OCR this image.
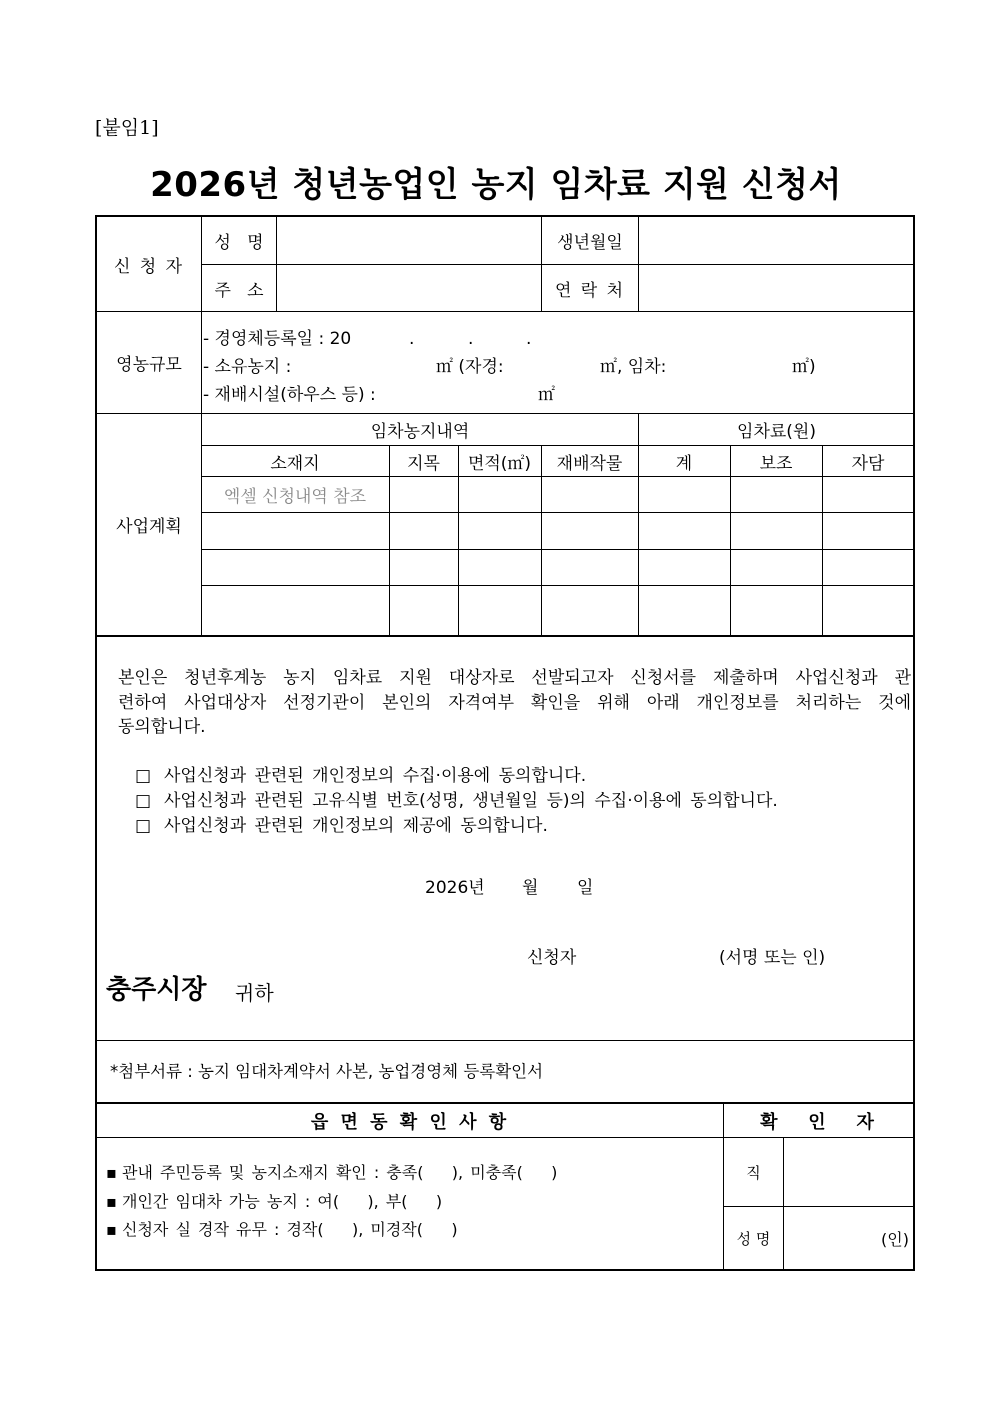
[붙임1]
2026년 청년농업인 농지 임차료 지원 신청서
신 청 자
성   명	생년월일
주   소	연 락 처
영농규모
- 경영체등록일 : 20	.	.	.
- 소유농지 :	㎡ (자경:	㎡, 임차:	㎡)
- 재배시설(하우스 등) :	㎡
사업계획
임차농지내역	임차료(원)
소재지	지목	면적(㎡)	재배작물	계	보조	자담
엑셀 신청내역 참조
본인은 청년후계농 농지 임차료 지원 대상자로 선발되고자 신청서를 제출하며 사업신청과 관
련하여 사업대상자 선정기관이 본인의 자격여부 확인을 위해 아래 개인정보를 처리하는 것에
동의합니다.
□ 사업신청과 관련된 개인정보의 수집·이용에 동의합니다.
□ 사업신청과 관련된 고유식별 번호(성명, 생년월일 등)의 수집·이용에 동의합니다.
□ 사업신청과 관련된 개인정보의 제공에 동의합니다.
2026년 월 일
신청자	(서명 또는 인)
충주시장 귀하
*첨부서류 : 농지 임대차계약서 사본, 농업경영체 등록확인서
읍 면 동 확 인 사 항	확   인   자
▪ 관내 주민등록 및 농지소재지 확인 : 충족(    ), 미충족(    )
▪ 개인간 임대차 가능 농지 : 여(    ), 부(    )
▪ 신청자 실 경작 유무 : 경작(    ), 미경작(    )
직
성 명	(인)
